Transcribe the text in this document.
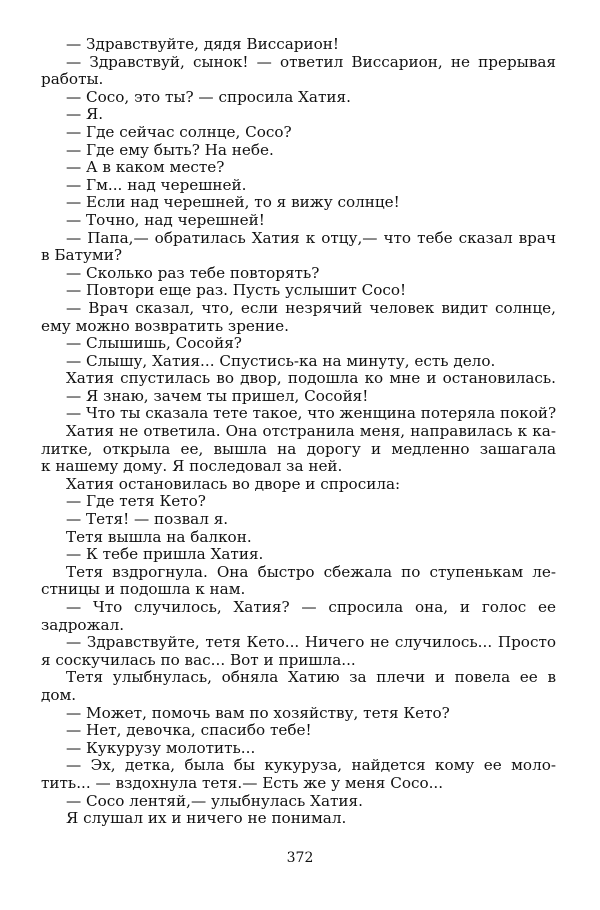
— Здравствуйте, дядя Виссарион!
— Здравствуй, сынок! — ответил Виссарион, не прерывая
работы.
— Сосо, это ты? — спросила Хатия.
— Я.
— Где сейчас солнце, Сосо?
— Где ему быть? На небе.
— А в каком месте?
— Гм... над черешней.
— Если над черешней, то я вижу солнце!
— Точно, над черешней!
— Папа,— обратилась Хатия к отцу,— что тебе сказал врач
в Батуми?
— Сколько раз тебе повторять?
— Повтори еще раз. Пусть услышит Сосо!
— Врач сказал, что, если незрячий человек видит солнце,
ему можно возвратить зрение.
— Слышишь, Сосойя?
— Слышу, Хатия... Спустись-ка на минуту, есть дело.
Хатия спустилась во двор, подошла ко мне и остановилась.
— Я знаю, зачем ты пришел, Сосойя!
— Что ты сказала тете такое, что женщина потеряла покой?
Хатия не ответила. Она отстранила меня, направилась к ка-
литке, открыла ее, вышла на дорогу и медленно зашагала
к нашему дому. Я последовал за ней.
Хатия остановилась во дворе и спросила:
— Где тетя Кето?
— Тетя! — позвал я.
Тетя вышла на балкон.
— К тебе пришла Хатия.
Тетя вздрогнула. Она быстро сбежала по ступенькам ле-
стницы и подошла к нам.
— Что случилось, Хатия? — спросила она, и голос ее
задрожал.
— Здравствуйте, тетя Кето... Ничего не случилось... Просто
я соскучилась по вас... Вот и пришла...
Тетя улыбнулась, обняла Хатию за плечи и повела ее в
дом.
— Может, помочь вам по хозяйству, тетя Кето?
— Нет, девочка, спасибо тебе!
— Кукурузу молотить...
— Эх, детка, была бы кукуруза, найдется кому ее моло-
тить... — вздохнула тетя.— Есть же у меня Сосо...
— Сосо лентяй,— улыбнулась Хатия.
Я слушал их и ничего не понимал.
372
